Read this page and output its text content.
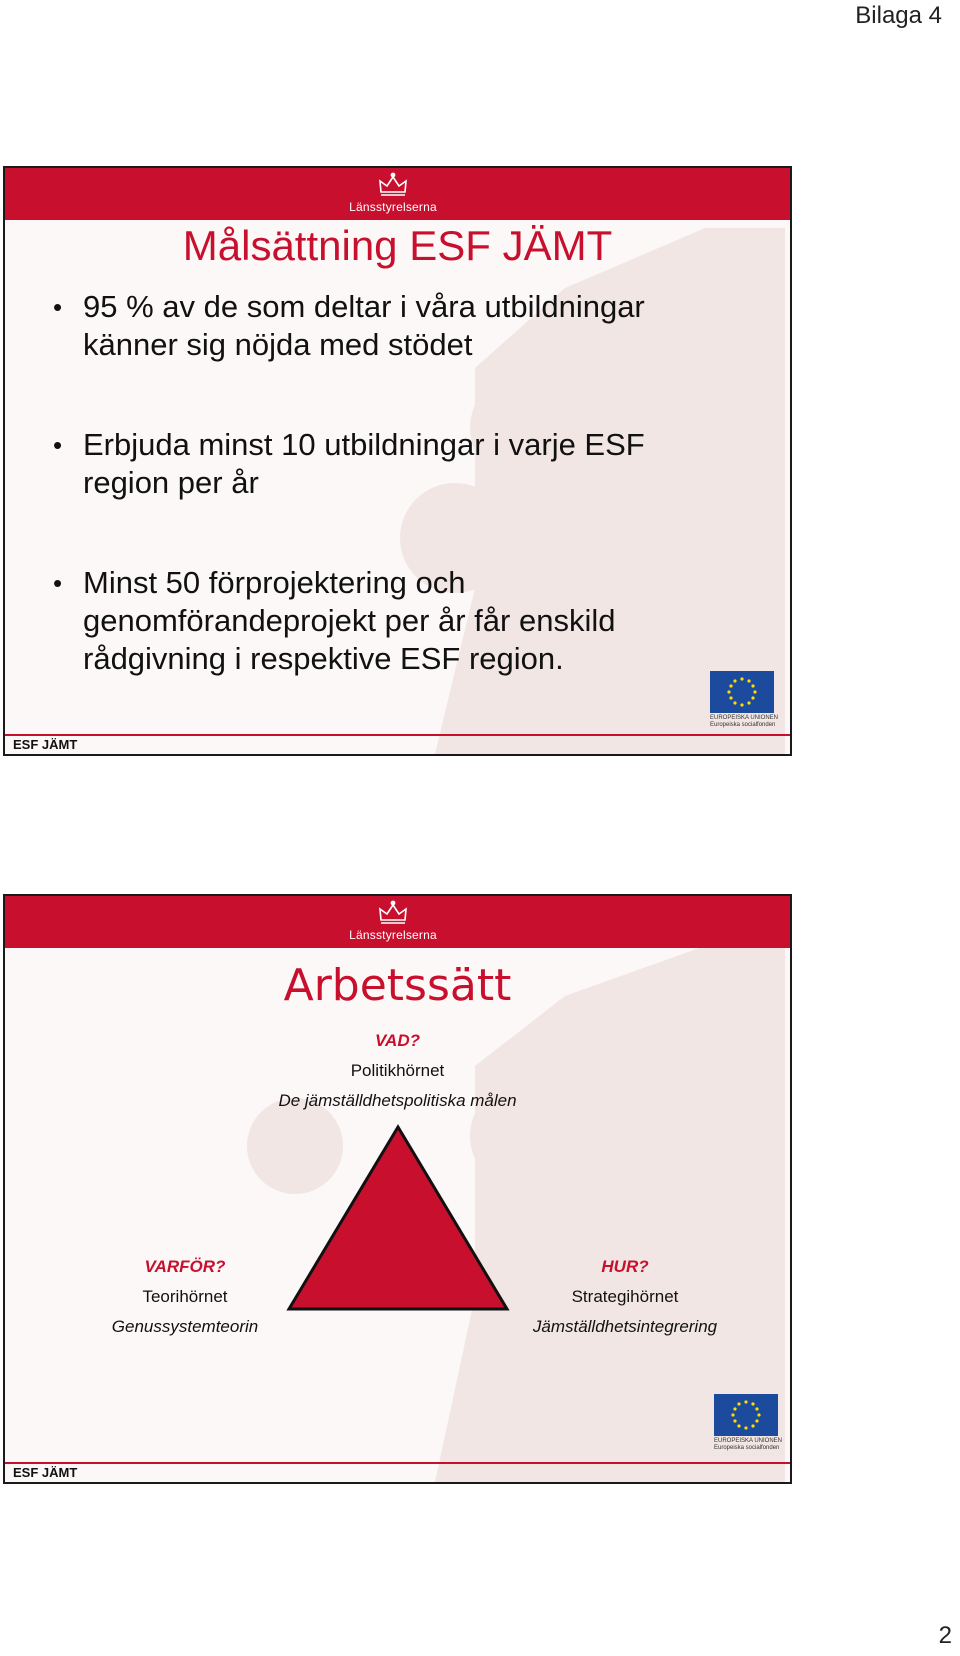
Bilaga 4
Länsstyrelserna
Målsättning ESF JÄMT
• 95 % av de som deltar i våra utbildningar
känner sig nöjda med stödet
• Erbjuda minst 10 utbildningar i varje ESF
region per år
• Minst 50 förprojektering och
genomförandeprojekt per år får enskild
rådgivning i respektive ESF region.
EUROPEISKA UNIONEN
Europeiska socialfonden
ESF JÄMT
Länsstyrelserna
Arbetssätt
VAD?
Politikhörnet
De jämställdhetspolitiska målen
VARFÖR?
Teorihörnet
Genussystemteorin
HUR?
Strategihörnet
Jämställdhetsintegrering
EUROPEISKA UNIONEN
Europeiska socialfonden
ESF JÄMT
2
